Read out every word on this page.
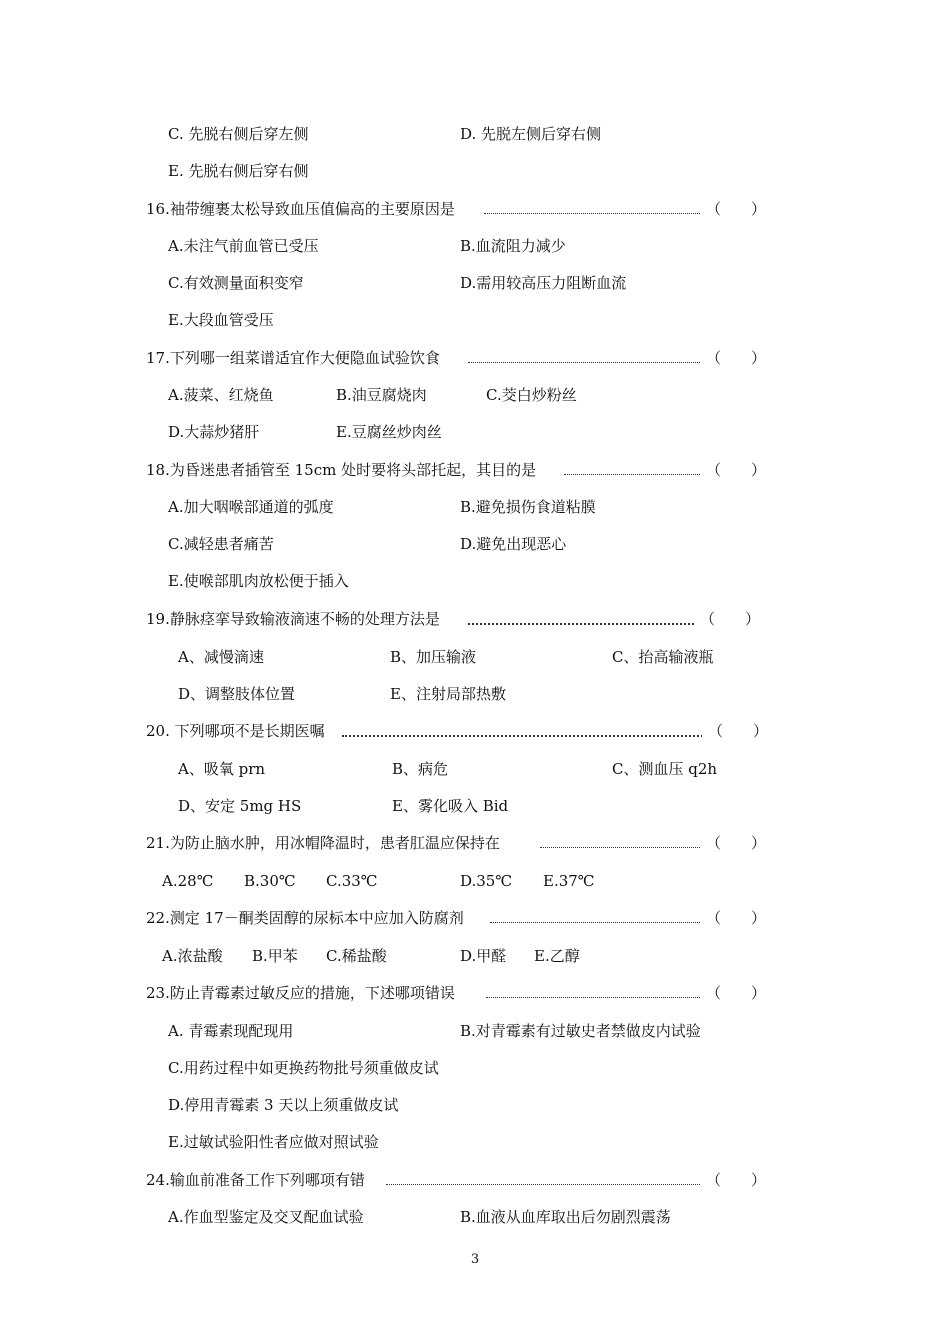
C. 先脱右侧后穿左侧	D. 先脱左侧后穿右侧
E. 先脱右侧后穿右侧
16.袖带缠裹太松导致血压值偏高的主要原因是	（　　）
A.未注气前血管已受压	B.血流阻力减少
C.有效测量面积变窄	D.需用较高压力阻断血流
E.大段血管受压
17.下列哪一组菜谱适宜作大便隐血试验饮食	（　　）
A.菠菜、红烧鱼	B.油豆腐烧肉	C.茭白炒粉丝
D.大蒜炒猪肝	E.豆腐丝炒肉丝
18.为昏迷患者插管至 15cm 处时要将头部托起，其目的是	（　　）
A.加大咽喉部通道的弧度	B.避免损伤食道粘膜
C.减轻患者痛苦	D.避免出现恶心
E.使喉部肌肉放松便于插入
19.静脉痉挛导致输液滴速不畅的处理方法是	（　　）
A、减慢滴速	B、加压输液	C、抬高输液瓶
D、调整肢体位置	E、注射局部热敷
20. 下列哪项不是长期医嘱	（　　）
A、吸氧 prn	B、病危	C、测血压 q2h
D、安定 5mg HS	E、雾化吸入 Bid
21.为防止脑水肿，用冰帽降温时，患者肛温应保持在	（　　）
A.28℃ B.30℃ C.33℃	D.35℃ E.37℃
22.测定 17－酮类固醇的尿标本中应加入防腐剂	（　　）
A.浓盐酸 B.甲苯 C.稀盐酸	D.甲醛 E.乙醇
23.防止青霉素过敏反应的措施，下述哪项错误	（　　）
A. 青霉素现配现用	B.对青霉素有过敏史者禁做皮内试验
C.用药过程中如更换药物批号须重做皮试
D.停用青霉素 3 天以上须重做皮试
E.过敏试验阳性者应做对照试验
24.输血前准备工作下列哪项有错	（　　）
A.作血型鉴定及交叉配血试验	B.血液从血库取出后勿剧烈震荡
3
